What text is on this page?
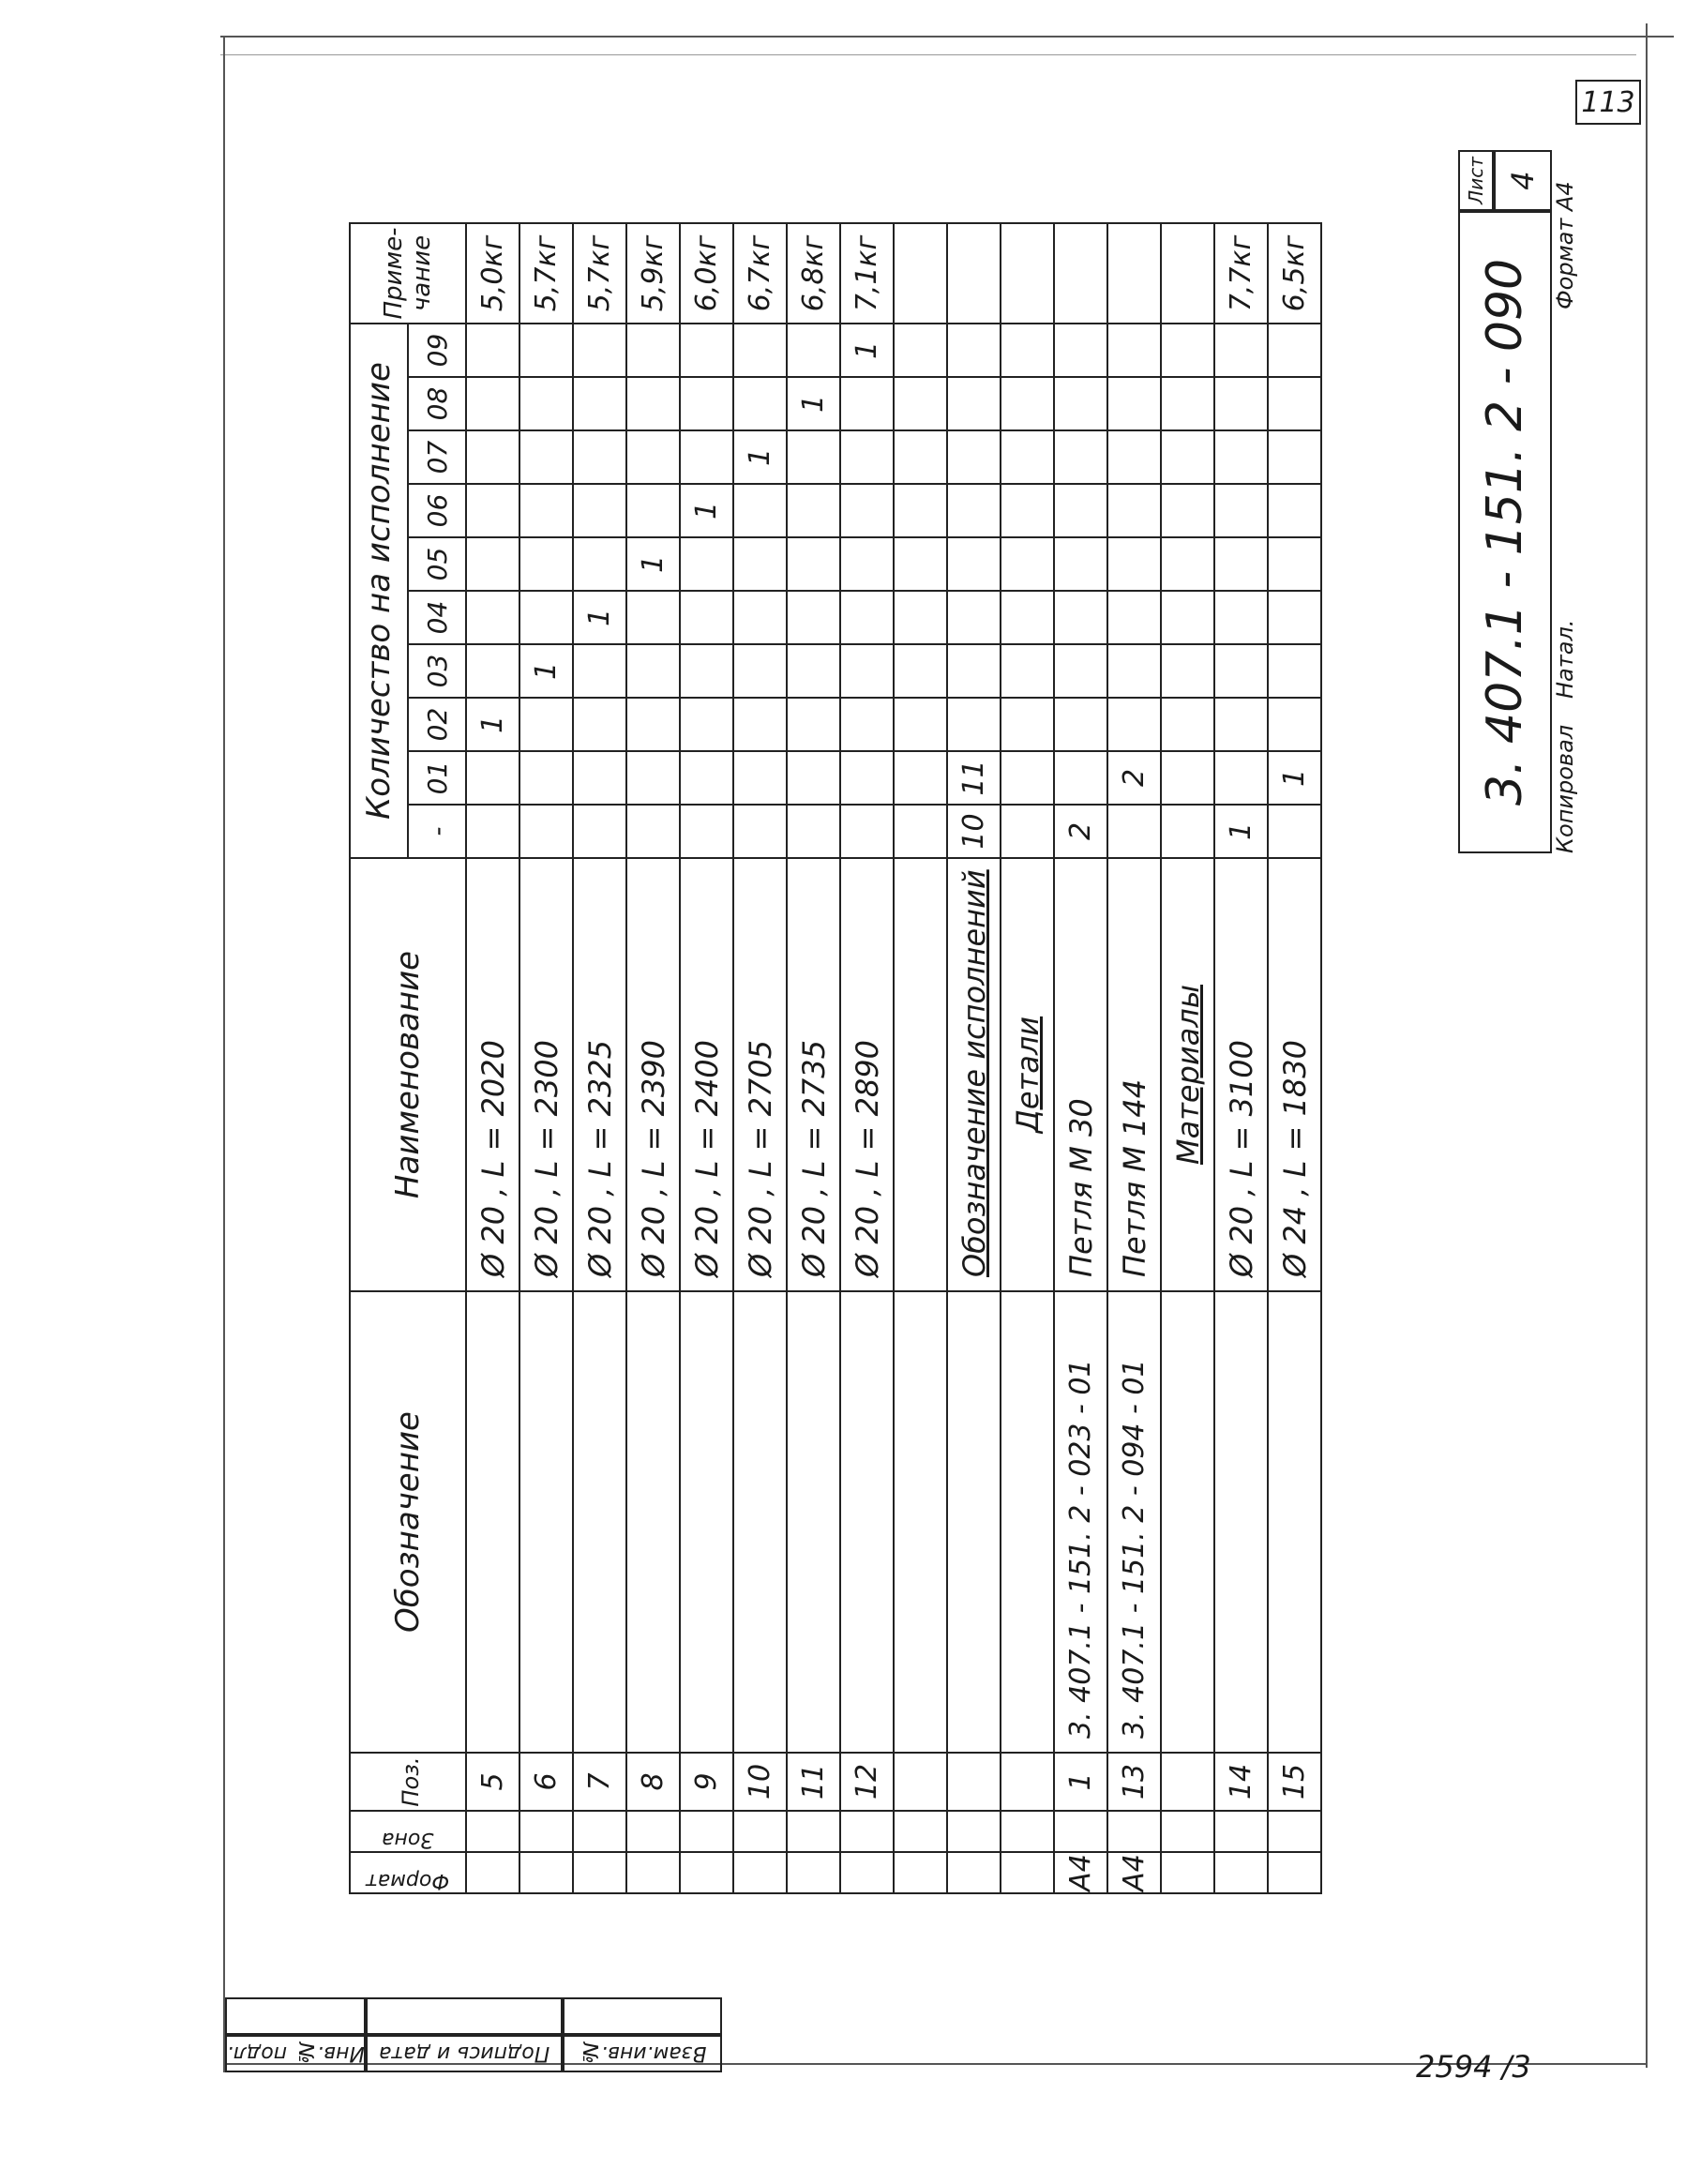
113
2594 /3
Инв.№ подл. Подпись и дата Взам.инв.№
Формат	Зона	Поз.	Обозначение	Наименование	Количество на исполнение										Приме-чание
					-	01	02	03	04	05	06	07	08	09	
		5		Ø 20 , L = 2020			1								5,0кг
		6		Ø 20 , L = 2300				1							5,7кг
		7		Ø 20 , L = 2325					1						5,7кг
		8		Ø 20 , L = 2390						1					5,9кг
		9		Ø 20 , L = 2400							1				6,0кг
		10		Ø 20 , L = 2705								1			6,7кг
		11		Ø 20 , L = 2735									1		6,8кг
		12		Ø 20 , L = 2890										1	7,1кг

				Обозначение исполнений	10	11									
				Детали											
А4		1	3. 407.1 - 151. 2 - 023 - 01	Петля М 30	2										
А4		13	3. 407.1 - 151. 2 - 094 - 01	Петля М 144		2									
				Материалы											
		14		Ø 20 , L = 3100	1										7,7кг
		15		Ø 24 , L = 1830		1									6,5кг	3. 407.1 - 151. 2 - 090
Лист 4
Копировал
Натал.
Формат А4
